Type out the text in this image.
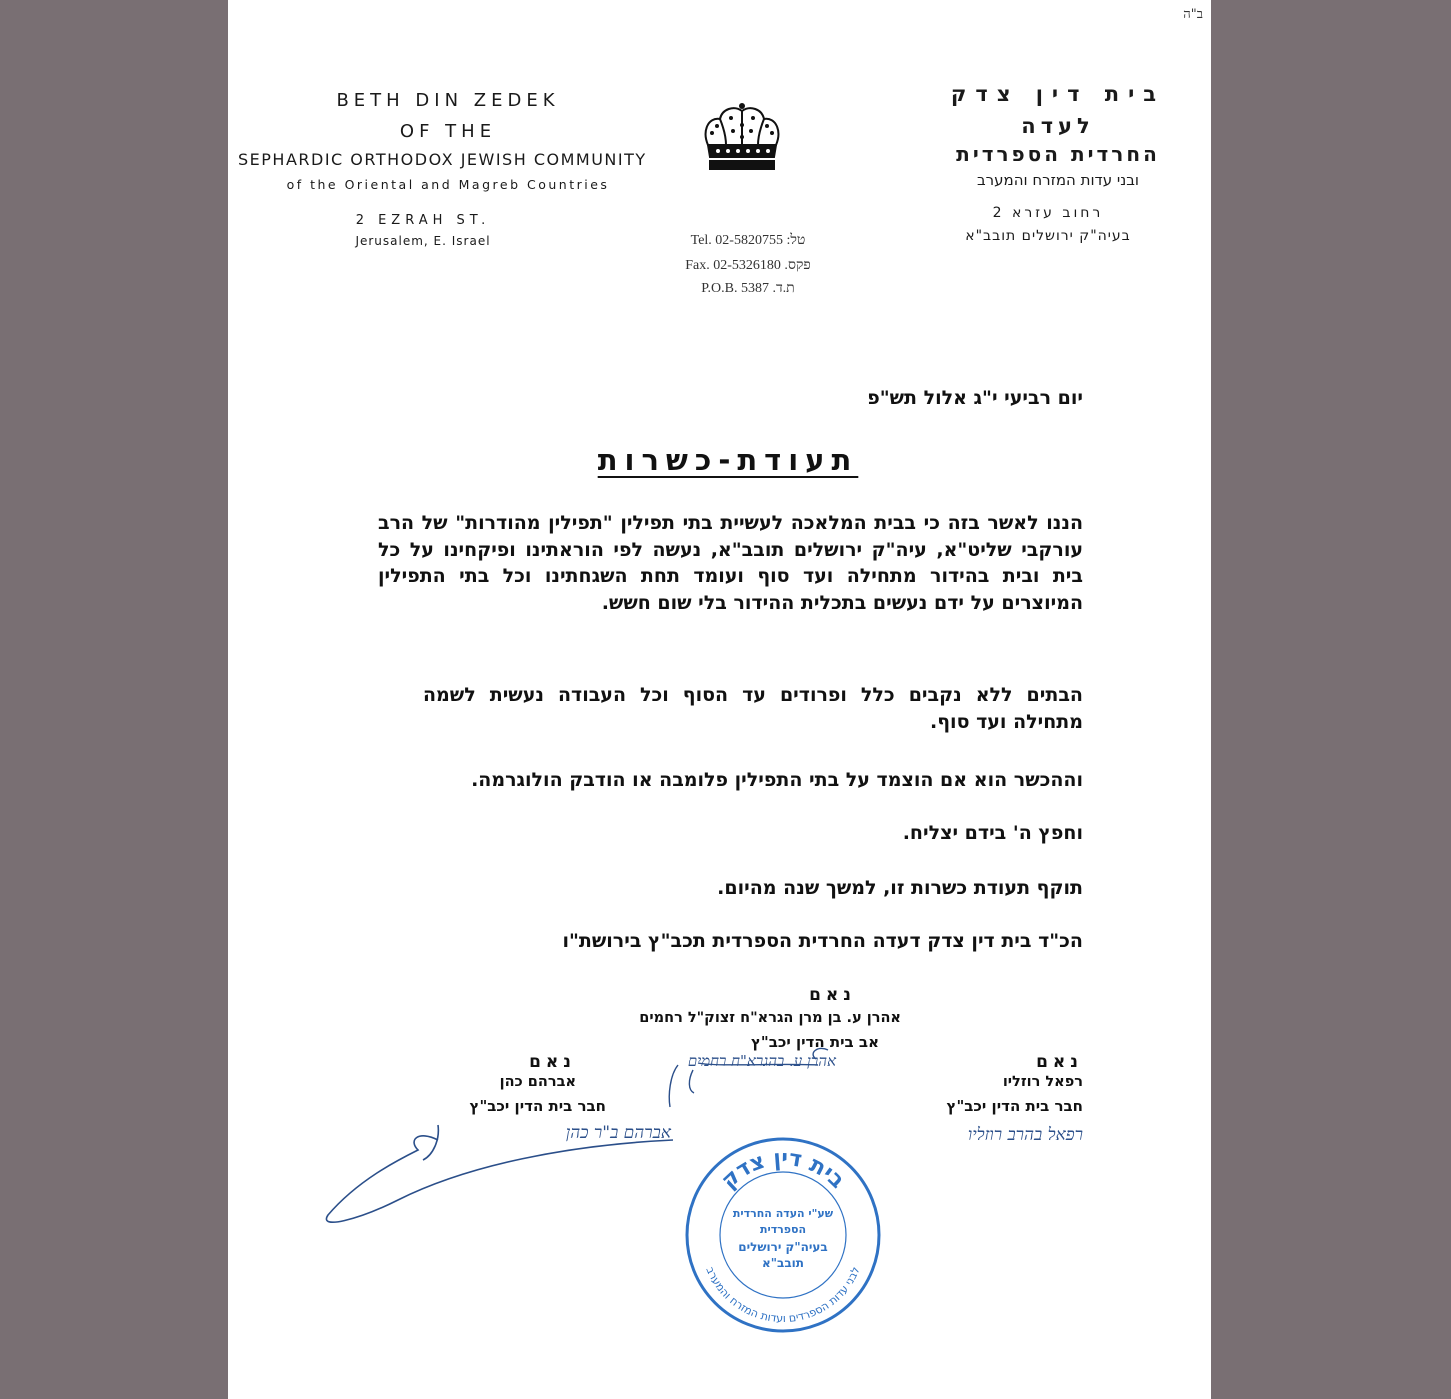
ב"ה
BETH DIN ZEDEK
OF THE
SEPHARDIC ORTHODOX JEWISH COMMUNITY
of the Oriental and Magreb Countries
2 EZRAH ST.
Jerusalem, E. Israel
בית דין צדק
לעדה
החרדית הספרדית
ובני עדות המזרח והמערב
רחוב עזרא 2
בעיה"ק ירושלים תובב"א
Tel. 02-5820755 :טל
Fax. 02-5326180 .פקס
P.O.B. 5387 .ת.ד
יום רביעי י"ג אלול תש"פ
תעודת-כשרות
הננו לאשר בזה כי בבית המלאכה לעשיית בתי תפילין "תפילין מהודרות" של הרב עורקבי שליט"א, עיה"ק ירושלים תובב"א, נעשה לפי הוראתינו ופיקחינו על כל בית ובית בהידור מתחילה ועד סוף ועומד תחת השגחתינו וכל בתי התפילין המיוצרים על ידם נעשים בתכלית ההידור בלי שום חשש.
הבתים ללא נקבים כלל ופרודים עד הסוף וכל העבודה נעשית לשמה מתחילה ועד סוף.
וההכשר הוא אם הוצמד על בתי התפילין פלומבה או הודבק הולוגרמה.
וחפץ ה' בידם יצליח.
תוקף תעודת כשרות זו, למשך שנה מהיום.
הכ"ד בית דין צדק דעדה החרדית הספרדית תכב"ץ בירושת"ו
נאם
אהרן ע. בן מרן הגרא"ח זצוק"ל רחמים
אב בית הדין יכב"ץ
אהרן ע. בהגרא"ח רחמים
נאם
אברהם כהן
חבר בית הדין יכב"ץ
אברהם ב"ר כהן
נאם
רפאל רוזליו
חבר בית הדין יכב"ץ
רפאל בהרב רוזליו
בית דין צדק
לבני עדות הספרדים ועדות המזרח והמערב
שע"י העדה החרדית
הספרדית
בעיה"ק ירושלים
תובב"א
